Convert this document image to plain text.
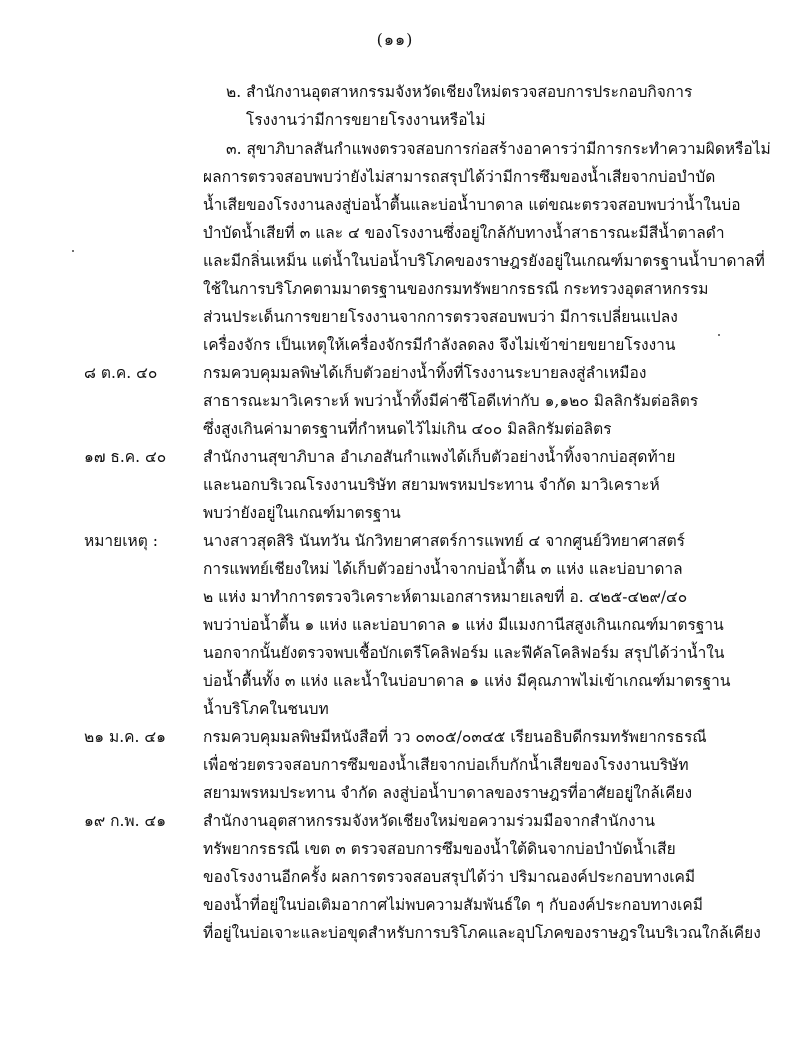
(๑๑)
๒. สำนักงานอุตสาหกรรมจังหวัดเชียงใหม่ตรวจสอบการประกอบกิจการ
โรงงานว่ามีการขยายโรงงานหรือไม่
๓. สุขาภิบาลสันกำแพงตรวจสอบการก่อสร้างอาคารว่ามีการกระทำความผิดหรือไม่
ผลการตรวจสอบพบว่ายังไม่สามารถสรุปได้ว่ามีการซึมของน้ำเสียจากบ่อบำบัด
น้ำเสียของโรงงานลงสู่บ่อน้ำตื้นและบ่อน้ำบาดาล แต่ขณะตรวจสอบพบว่าน้ำในบ่อ
บำบัดน้ำเสียที่ ๓ และ ๔ ของโรงงานซึ่งอยู่ใกล้กับทางน้ำสาธารณะมีสีน้ำตาลดำ
และมีกลิ่นเหม็น แต่น้ำในบ่อน้ำบริโภคของราษฎรยังอยู่ในเกณฑ์มาตรฐานน้ำบาดาลที่
ใช้ในการบริโภคตามมาตรฐานของกรมทรัพยากรธรณี กระทรวงอุตสาหกรรม
ส่วนประเด็นการขยายโรงงานจากการตรวจสอบพบว่า มีการเปลี่ยนแปลง
เครื่องจักร เป็นเหตุให้เครื่องจักรมีกำลังลดลง จึงไม่เข้าข่ายขยายโรงงาน
๘ ต.ค. ๔๐	กรมควบคุมมลพิษได้เก็บตัวอย่างน้ำทิ้งที่โรงงานระบายลงสู่ลำเหมือง
สาธารณะมาวิเคราะห์ พบว่าน้ำทิ้งมีค่าซีโอดีเท่ากับ ๑,๑๒๐ มิลลิกรัมต่อลิตร
ซึ่งสูงเกินค่ามาตรฐานที่กำหนดไว้ไม่เกิน ๔๐๐ มิลลิกรัมต่อลิตร
๑๗ ธ.ค. ๔๐ สำนักงานสุขาภิบาล อำเภอสันกำแพงได้เก็บตัวอย่างน้ำทิ้งจากบ่อสุดท้าย
และนอกบริเวณโรงงานบริษัท สยามพรหมประทาน จำกัด มาวิเคราะห์
พบว่ายังอยู่ในเกณฑ์มาตรฐาน
หมายเหตุ :	นางสาวสุดสิริ นันทวัน นักวิทยาศาสตร์การแพทย์ ๔ จากศูนย์วิทยาศาสตร์
การแพทย์เชียงใหม่ ได้เก็บตัวอย่างน้ำจากบ่อน้ำตื้น ๓ แห่ง และบ่อบาดาล
๒ แห่ง มาทำการตรวจวิเคราะห์ตามเอกสารหมายเลขที่ อ. ๔๒๕-๔๒๙/๔๐
พบว่าบ่อน้ำตื้น ๑ แห่ง และบ่อบาดาล ๑ แห่ง มีแมงกานีสสูงเกินเกณฑ์มาตรฐาน
นอกจากนั้นยังตรวจพบเชื้อบักเตรีโคลิฟอร์ม และฟีคัลโคลิฟอร์ม สรุปได้ว่าน้ำใน
บ่อน้ำตื้นทั้ง ๓ แห่ง และน้ำในบ่อบาดาล ๑ แห่ง มีคุณภาพไม่เข้าเกณฑ์มาตรฐาน
น้ำบริโภคในชนบท
๒๑ ม.ค. ๔๑ กรมควบคุมมลพิษมีหนังสือที่ วว ๐๓๐๕/๐๓๔๕ เรียนอธิบดีกรมทรัพยากรธรณี
เพื่อช่วยตรวจสอบการซึมของน้ำเสียจากบ่อเก็บกักน้ำเสียของโรงงานบริษัท
สยามพรหมประทาน จำกัด ลงสู่บ่อน้ำบาดาลของราษฎรที่อาศัยอยู่ใกล้เคียง
๑๙ ก.พ. ๔๑ สำนักงานอุตสาหกรรมจังหวัดเชียงใหม่ขอความร่วมมือจากสำนักงาน
ทรัพยากรธรณี เขต ๓ ตรวจสอบการซึมของน้ำใต้ดินจากบ่อบำบัดน้ำเสีย
ของโรงงานอีกครั้ง ผลการตรวจสอบสรุปได้ว่า ปริมาณองค์ประกอบทางเคมี
ของน้ำที่อยู่ในบ่อเติมอากาศไม่พบความสัมพันธ์ใด ๆ กับองค์ประกอบทางเคมี
ที่อยู่ในบ่อเจาะและบ่อขุดสำหรับการบริโภคและอุปโภคของราษฎรในบริเวณใกล้เคียง
